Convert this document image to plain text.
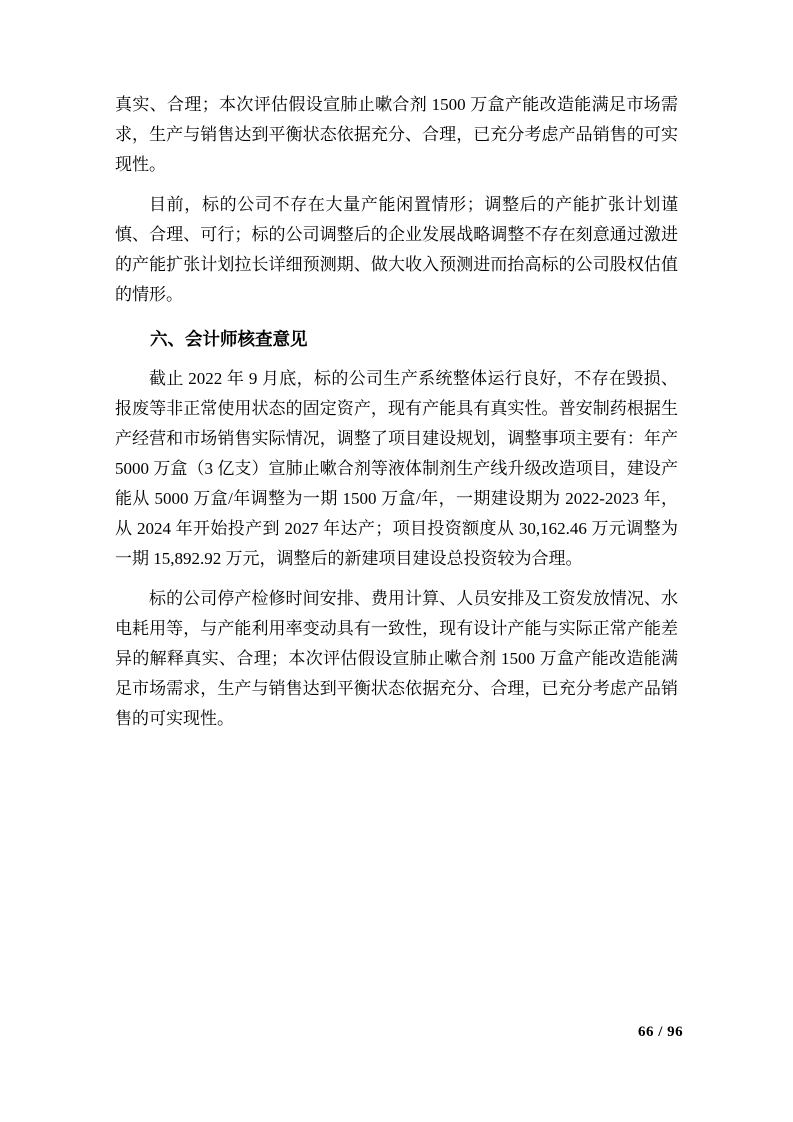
真实、合理；本次评估假设宣肺止嗽合剂 1500 万盒产能改造能满足市场需求，生产与销售达到平衡状态依据充分、合理，已充分考虑产品销售的可实现性。

目前，标的公司不存在大量产能闲置情形；调整后的产能扩张计划谨慎、合理、可行；标的公司调整后的企业发展战略调整不存在刻意通过激进的产能扩张计划拉长详细预测期、做大收入预测进而抬高标的公司股权估值的情形。

六、会计师核查意见

截止 2022 年 9 月底，标的公司生产系统整体运行良好，不存在毁损、报废等非正常使用状态的固定资产，现有产能具有真实性。普安制药根据生产经营和市场销售实际情况，调整了项目建设规划，调整事项主要有：年产 5000 万盒（3 亿支）宣肺止嗽合剂等液体制剂生产线升级改造项目，建设产能从 5000 万盒/年调整为一期 1500 万盒/年，一期建设期为 2022-2023 年，从 2024 年开始投产到 2027 年达产；项目投资额度从 30,162.46 万元调整为一期 15,892.92 万元，调整后的新建项目建设总投资较为合理。

标的公司停产检修时间安排、费用计算、人员安排及工资发放情况、水电耗用等，与产能利用率变动具有一致性，现有设计产能与实际正常产能差异的解释真实、合理；本次评估假设宣肺止嗽合剂 1500 万盒产能改造能满足市场需求，生产与销售达到平衡状态依据充分、合理，已充分考虑产品销售的可实现性。

66 / 96
